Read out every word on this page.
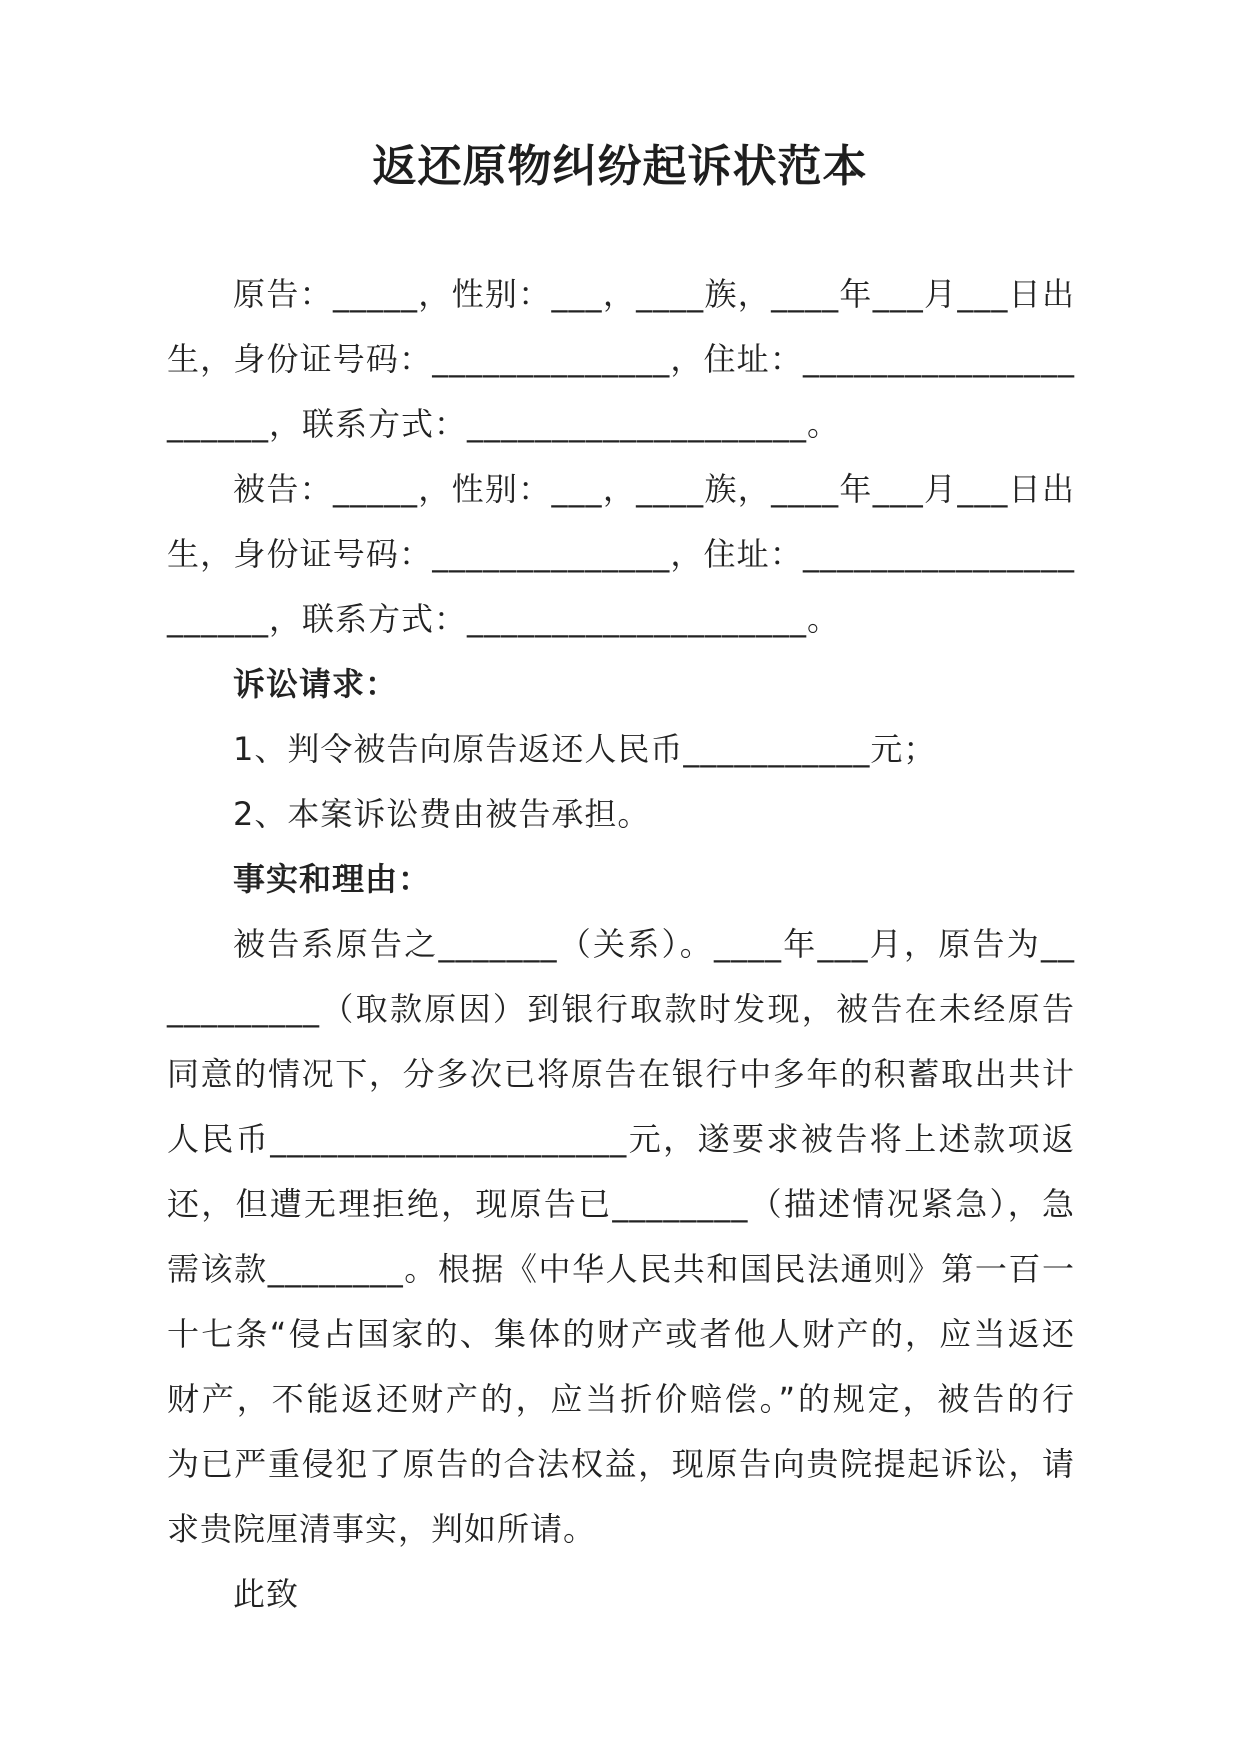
返还原物纠纷起诉状范本
原告：_____，性别：___，____族，____年___月___日出
生，身份证号码：______________，住址：________________
______，联系方式：____________________。
被告：_____，性别：___，____族，____年___月___日出
生，身份证号码：______________，住址：________________
______，联系方式：____________________。
诉讼请求：
1、判令被告向原告返还人民币___________元；
2、本案诉讼费由被告承担。
事实和理由：
被告系原告之_______（关系）。____年___月，原告为__
_________（取款原因）到银行取款时发现，被告在未经原告
同意的情况下，分多次已将原告在银行中多年的积蓄取出共计
人民币_____________________元，遂要求被告将上述款项返
还，但遭无理拒绝，现原告已________（描述情况紧急），急
需该款________。根据《中华人民共和国民法通则》第一百一
十七条“侵占国家的、集体的财产或者他人财产的，应当返还
财产，不能返还财产的，应当折价赔偿。”的规定，被告的行
为已严重侵犯了原告的合法权益，现原告向贵院提起诉讼，请
求贵院厘清事实，判如所请。
此致
